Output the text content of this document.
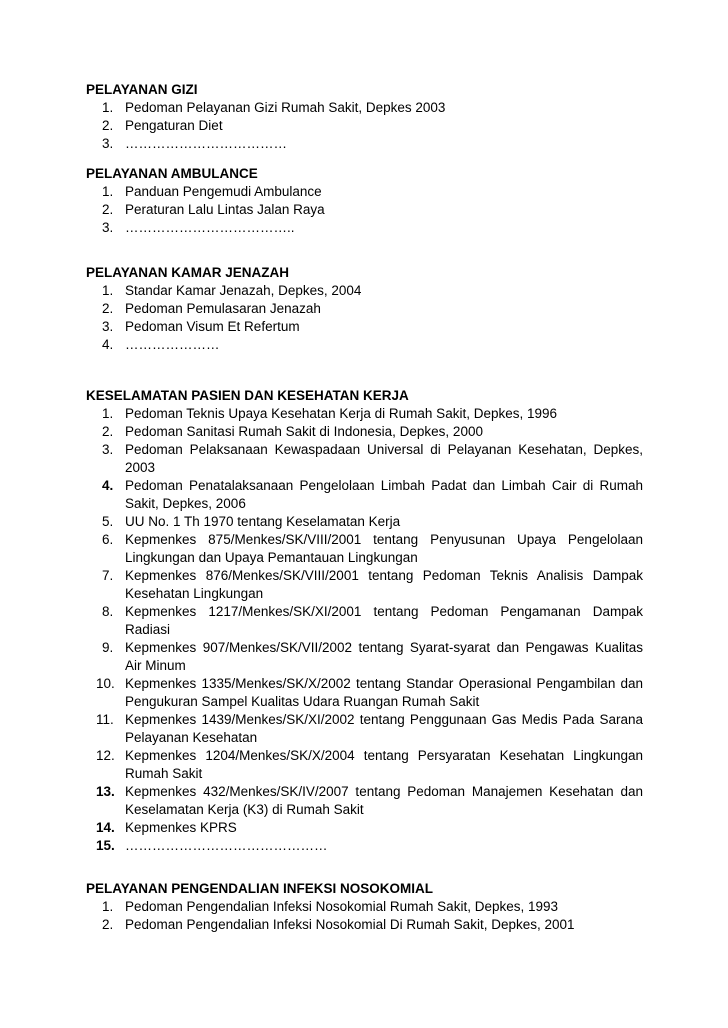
PELAYANAN GIZI
1. Pedoman Pelayanan Gizi Rumah Sakit, Depkes 2003
2. Pengaturan Diet
3. ………………………………
PELAYANAN AMBULANCE
1. Panduan Pengemudi Ambulance
2. Peraturan Lalu Lintas Jalan Raya
3. ………………………………..
PELAYANAN KAMAR JENAZAH
1. Standar Kamar Jenazah, Depkes, 2004
2. Pedoman Pemulasaran Jenazah
3. Pedoman Visum Et Refertum
4. …………………
KESELAMATAN PASIEN DAN KESEHATAN KERJA
1. Pedoman Teknis Upaya Kesehatan Kerja di Rumah Sakit, Depkes, 1996
2. Pedoman Sanitasi Rumah Sakit di Indonesia, Depkes, 2000
3. Pedoman Pelaksanaan Kewaspadaan Universal di Pelayanan Kesehatan, Depkes, 2003
4. Pedoman Penatalaksanaan Pengelolaan Limbah Padat dan Limbah Cair di Rumah Sakit, Depkes, 2006
5. UU No. 1 Th 1970 tentang Keselamatan Kerja
6. Kepmenkes 875/Menkes/SK/VIII/2001 tentang Penyusunan Upaya Pengelolaan Lingkungan dan Upaya Pemantauan Lingkungan
7. Kepmenkes 876/Menkes/SK/VIII/2001 tentang Pedoman Teknis Analisis Dampak Kesehatan Lingkungan
8. Kepmenkes 1217/Menkes/SK/XI/2001 tentang Pedoman Pengamanan Dampak Radiasi
9. Kepmenkes 907/Menkes/SK/VII/2002 tentang Syarat-syarat dan Pengawas Kualitas Air Minum
10. Kepmenkes 1335/Menkes/SK/X/2002 tentang Standar Operasional Pengambilan dan Pengukuran Sampel Kualitas Udara Ruangan Rumah Sakit
11. Kepmenkes 1439/Menkes/SK/XI/2002 tentang Penggunaan Gas Medis Pada Sarana Pelayanan Kesehatan
12. Kepmenkes 1204/Menkes/SK/X/2004 tentang Persyaratan Kesehatan Lingkungan Rumah Sakit
13. Kepmenkes 432/Menkes/SK/IV/2007 tentang Pedoman Manajemen Kesehatan dan Keselamatan Kerja (K3) di Rumah Sakit
14. Kepmenkes KPRS
15. ………………………………………
PELAYANAN PENGENDALIAN INFEKSI NOSOKOMIAL
1. Pedoman Pengendalian Infeksi Nosokomial Rumah Sakit, Depkes, 1993
2. Pedoman Pengendalian Infeksi Nosokomial Di Rumah Sakit, Depkes, 2001
